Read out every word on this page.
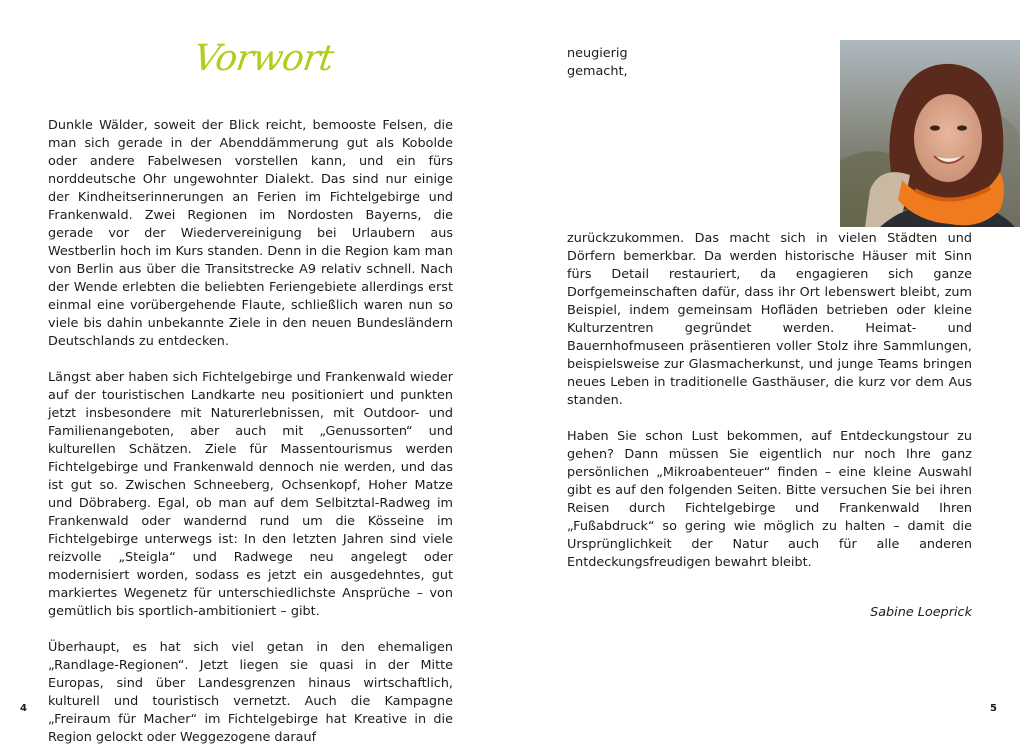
Vorwort

Dunkle Wälder, soweit der Blick reicht, bemooste Felsen, die man sich gerade in der Abenddämmerung gut als Kobolde oder andere Fabelwesen vorstellen kann, und ein fürs norddeutsche Ohr ungewohnter Dialekt. Das sind nur einige der Kindheitserinnerungen an Ferien im Fichtelgebirge und Frankenwald. Zwei Regionen im Nordosten Bayerns, die gerade vor der Wiedervereinigung bei Urlaubern aus Westberlin hoch im Kurs standen. Denn in die Region kam man von Berlin aus über die Transitstrecke A9 relativ schnell. Nach der Wende erlebten die beliebten Feriengebiete allerdings erst einmal eine vorübergehende Flaute, schließlich waren nun so viele bis dahin unbekannte Ziele in den neuen Bundesländern Deutschlands zu entdecken.

Längst aber haben sich Fichtelgebirge und Frankenwald wieder auf der touristischen Landkarte neu positioniert und punkten jetzt insbesondere mit Naturerlebnissen, mit Outdoor- und Familienangeboten, aber auch mit „Genussorten“ und kulturellen Schätzen. Ziele für Massentourismus werden Fichtelgebirge und Frankenwald dennoch nie werden, und das ist gut so. Zwischen Schneeberg, Ochsenkopf, Hoher Matze und Döbraberg. Egal, ob man auf dem Selbitztal-Radweg im Frankenwald oder wandernd rund um die Kösseine im Fichtelgebirge unterwegs ist: In den letzten Jahren sind viele reizvolle „Steigla“ und Radwege neu angelegt oder modernisiert worden, sodass es jetzt ein ausgedehntes, gut markiertes Wegenetz für unterschiedlichste Ansprüche – von gemütlich bis sportlich-ambitioniert – gibt.

Überhaupt, es hat sich viel getan in den ehemaligen „Randlage-Regionen“. Jetzt liegen sie quasi in der Mitte Europas, sind über Landesgrenzen hinaus wirtschaftlich, kulturell und touristisch vernetzt. Auch die Kampagne „Freiraum für Macher“ im Fichtelgebirge hat Kreative in die Region gelockt oder Weggezogene darauf

4

neugierig gemacht, zurückzukommen. Das macht sich in vielen Städten und Dörfern bemerkbar. Da werden historische Häuser mit Sinn fürs Detail restauriert, da engagieren sich ganze Dorfgemeinschaften dafür, dass ihr Ort lebenswert bleibt, zum Beispiel, indem gemeinsam Hofläden betrieben oder kleine Kulturzentren gegründet werden. Heimat- und Bauernhofmuseen präsentieren voller Stolz ihre Sammlungen, beispielsweise zur Glasmacherkunst, und junge Teams bringen neues Leben in traditionelle Gasthäuser, die kurz vor dem Aus standen.

Haben Sie schon Lust bekommen, auf Entdeckungstour zu gehen? Dann müssen Sie eigentlich nur noch Ihre ganz persönlichen „Mikroabenteuer“ finden – eine kleine Auswahl gibt es auf den folgenden Seiten. Bitte versuchen Sie bei ihren Reisen durch Fichtelgebirge und Frankenwald Ihren „Fußabdruck“ so gering wie möglich zu halten – damit die Ursprünglichkeit der Natur auch für alle anderen Entdeckungsfreudigen bewahrt bleibt.

Sabine Loeprick

5
